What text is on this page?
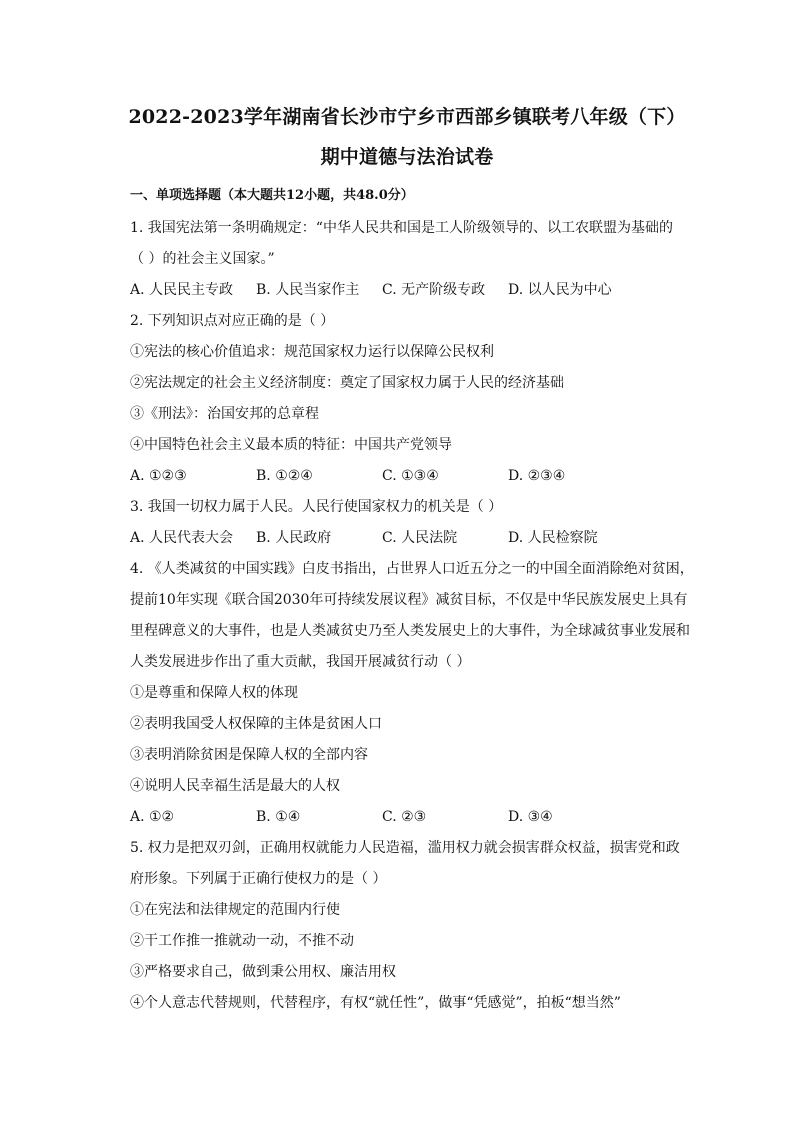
2022-2023学年湖南省长沙市宁乡市西部乡镇联考八年级（下）
期中道德与法治试卷
一、单项选择题（本大题共12小题，共48.0分）
1. 我国宪法第一条明确规定：“中华人民共和国是工人阶级领导的、以工农联盟为基础的
（ ）的社会主义国家。”
A. 人民民主专政	B. 人民当家作主	C. 无产阶级专政	D. 以人民为中心
2. 下列知识点对应正确的是（ ）
①宪法的核心价值追求：规范国家权力运行以保障公民权利
②宪法规定的社会主义经济制度：奠定了国家权力属于人民的经济基础
③《刑法》：治国安邦的总章程
④中国特色社会主义最本质的特征：中国共产党领导
A. ①②③	B. ①②④	C. ①③④	D. ②③④
3. 我国一切权力属于人民。人民行使国家权力的机关是（ ）
A. 人民代表大会	B. 人民政府	C. 人民法院	D. 人民检察院
4. 《人类减贫的中国实践》白皮书指出，占世界人口近五分之一的中国全面消除绝对贫困，
提前10年实现《联合国2030年可持续发展议程》减贫目标，不仅是中华民族发展史上具有
里程碑意义的大事件，也是人类减贫史乃至人类发展史上的大事件，为全球减贫事业发展和
人类发展进步作出了重大贡献，我国开展减贫行动（ ）
①是尊重和保障人权的体现
②表明我国受人权保障的主体是贫困人口
③表明消除贫困是保障人权的全部内容
④说明人民幸福生活是最大的人权
A. ①②	B. ①④	C. ②③	D. ③④
5. 权力是把双刃剑，正确用权就能力人民造福，滥用权力就会损害群众权益，损害党和政
府形象。下列属于正确行使权力的是（ ）
①在宪法和法律规定的范围内行使
②干工作推一推就动一动，不推不动
③严格要求自己，做到秉公用权、廉洁用权
④个人意志代替规则，代替程序，有权“就任性”，做事“凭感觉”，拍板“想当然”
